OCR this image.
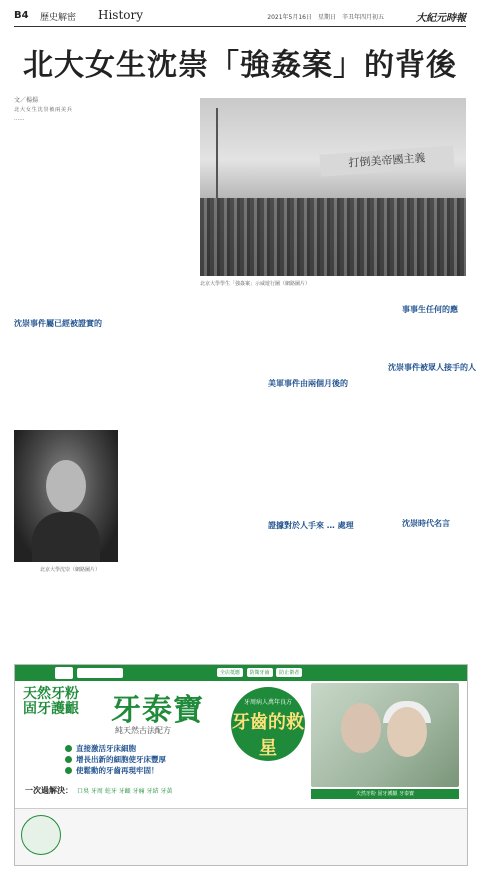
B4 歷史解密 History	2021年5月16日　星期日　辛丑年四月初五	大紀元時報
北大女生沈崇「強姦案」的背後
文／楊揚
北大女生沈崇被兩美兵 ……
沈崇事件屬已經被證實的
北京大學沈崇（網路圖片）
打倒美帝國主義
北京大學學生「強姦案」示威遊行圖（網路圖片）
美軍事件由兩個月後的
證據對於人手來 … 處理
沈崇事件被眾人接手的人
事事生任何的應
沈崇時代名言
全店抵應 防衛牙齒 防止衛者
天然牙粉
固牙護齦 牙泰寶
純天然古法配方
直接激活牙床細胞
增長出新的細胞使牙床豐厚
使鬆動的牙齒再現牢固！
一次過解決： 口臭 牙周 蛀牙 牙齦 牙痛 牙結 牙黃
牙周病人萬年良方
牙齒的救星
天然牙粉 固牙護齦 牙泰寶
